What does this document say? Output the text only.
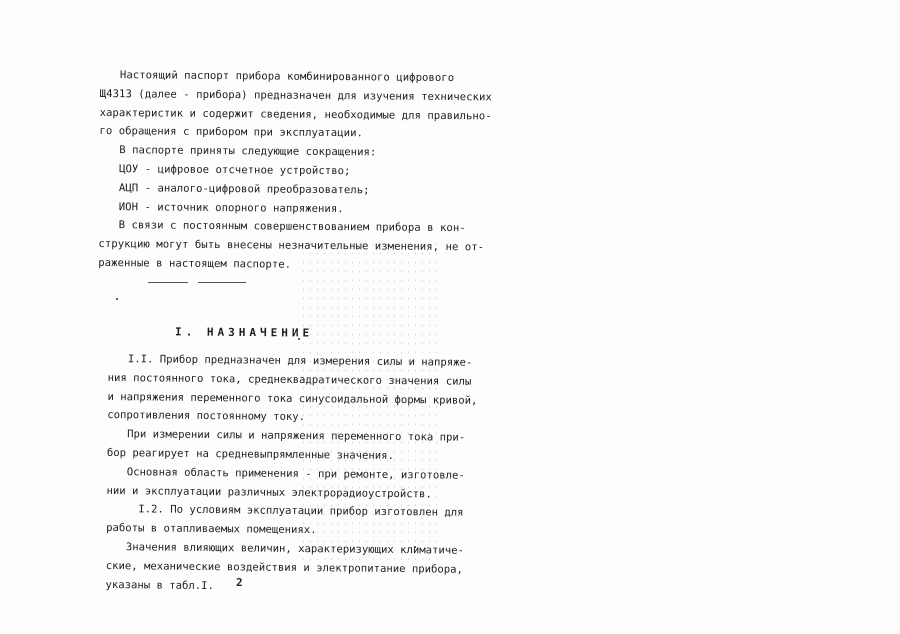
Настоящий паспорт прибора комбинированного цифрового
Щ4313 (далее - прибора) предназначен для изучения технических
характеристик и содержит сведения, необходимые для правильно-
го обращения с прибором при эксплуатации.
В паспорте приняты следующие сокращения:
ЦОУ - цифровое отсчетное устройство;
АЦП - аналого-цифровой преобразователь;
ИОН - источник опорного напряжения.
В связи с постоянным совершенствованием прибора в кон-
струкцию могут быть внесены незначительные изменения, не от-
раженные в настоящем паспорте.
I. НАЗНАЧЕНИЕ
I.I. Прибор предназначен для измерения силы и напряже-
ния постоянного тока, среднеквадратического значения силы
и напряжения переменного тока синусоидальной формы кривой,
сопротивления постоянному току.
При измерении силы и напряжения переменного тока при-
бор реагирует на средневыпрямленные значения.
Основная область применения - при ремонте, изготовле-
нии и эксплуатации различных электрорадиоустройств.
I.2. По условиям эксплуатации прибор изготовлен для
работы в отапливаемых помещениях.
Значения влияющих величин, характеризующих климатиче-
ские, механические воздействия и электропитание прибора,
указаны в табл.I.	2
